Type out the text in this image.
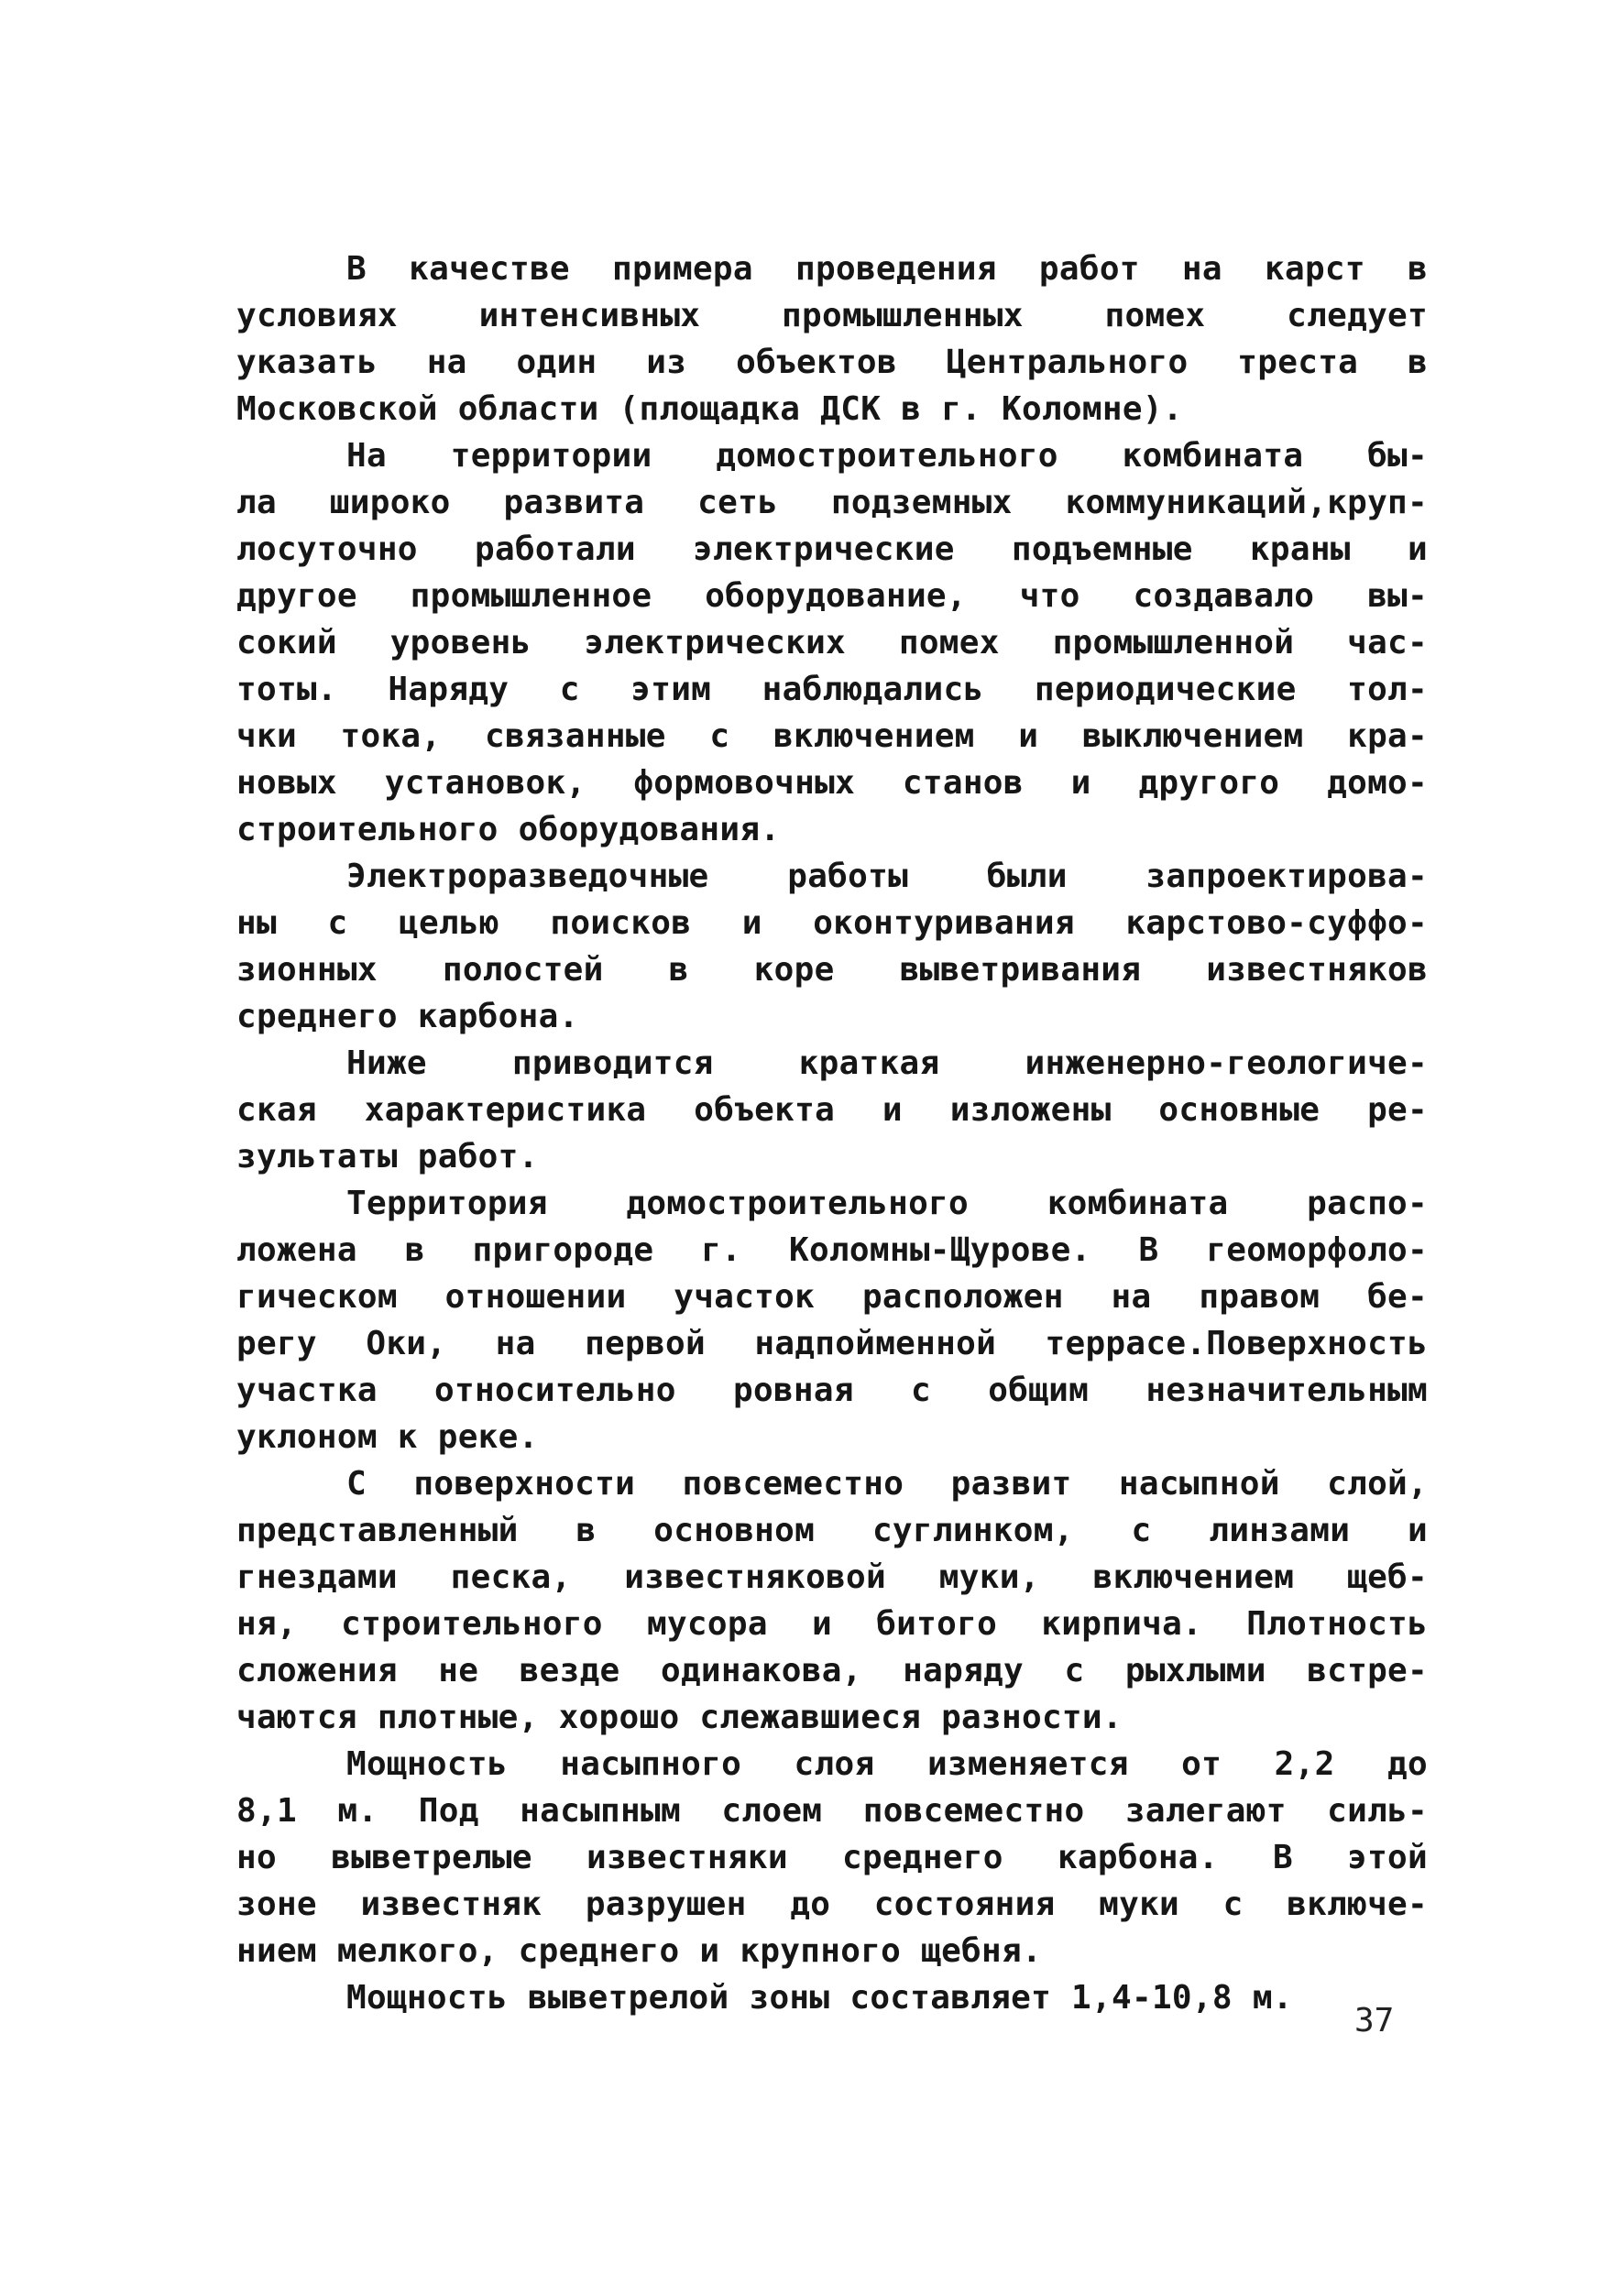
В качестве примера проведения работ на карст в
условиях интенсивных промышленных помех следует
указать на один из объектов Центрального треста в
Московской области (площадка ДСК в г. Коломне).
На территории домостроительного комбината бы-
ла широко развита сеть подземных коммуникаций,круп-
лосуточно работали электрические подъемные краны и
другое промышленное оборудование, что создавало вы-
сокий уровень электрических помех промышленной час-
тоты. Наряду с этим наблюдались периодические тол-
чки тока, связанные с включением и выключением кра-
новых установок, формовочных станов и другого домо-
строительного оборудования.
Электроразведочные работы были запроектирова-
ны с целью поисков и оконтуривания карстово-суффо-
зионных полостей в коре выветривания известняков
среднего карбона.
Ниже приводится краткая инженерно-геологиче-
ская характеристика объекта и изложены основные ре-
зультаты работ.
Территория домостроительного комбината распо-
ложена в пригороде г. Коломны-Щурове. В геоморфоло-
гическом отношении участок расположен на правом бе-
регу Оки, на первой надпойменной террасе.Поверхность
участка относительно ровная с общим незначительным
уклоном к реке.
С поверхности повсеместно развит насыпной слой,
представленный в основном суглинком, с линзами и
гнездами песка, известняковой муки, включением щеб-
ня, строительного мусора и битого кирпича. Плотность
сложения не везде одинакова, наряду с рыхлыми встре-
чаются плотные, хорошо слежавшиеся разности.
Мощность насыпного слоя изменяется от 2,2 до
8,1 м. Под насыпным слоем повсеместно залегают силь-
но выветрелые известняки среднего карбона. В этой
зоне известняк разрушен до состояния муки с включе-
нием мелкого, среднего и крупного щебня.
Мощность выветрелой зоны составляет 1,4-10,8 м.
37
